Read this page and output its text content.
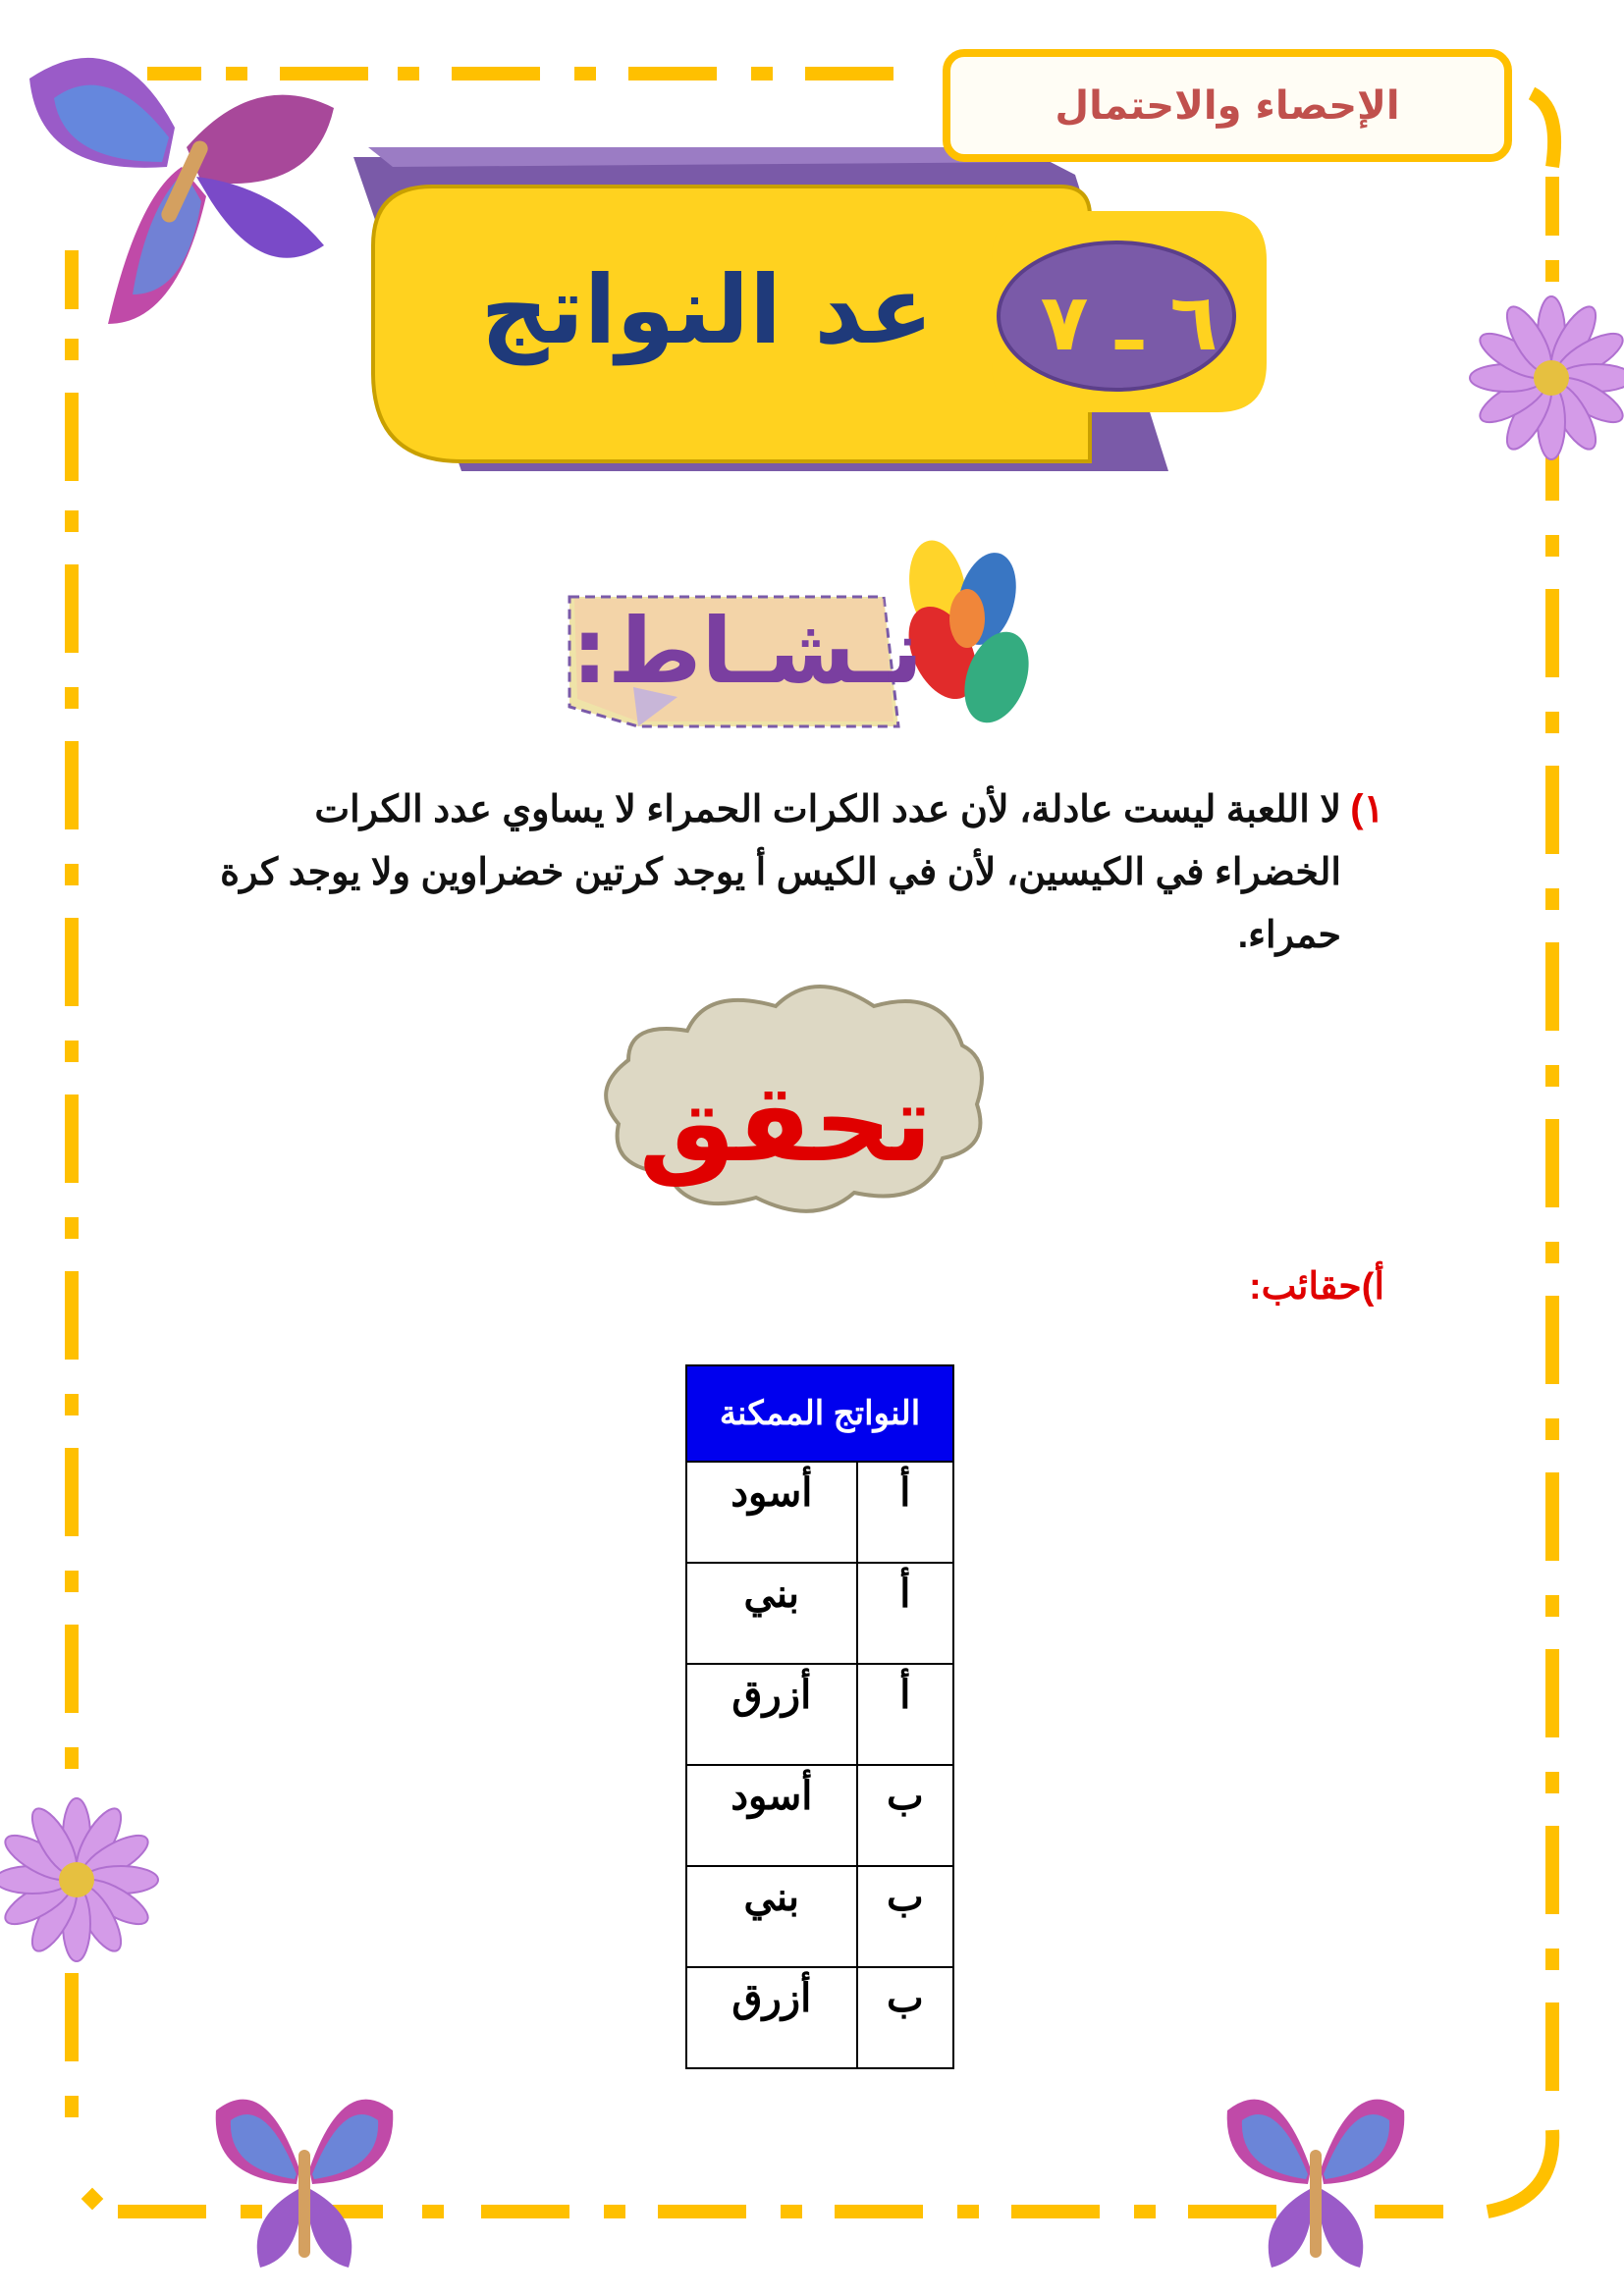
الإحصاء والاحتمال
٦ ـ ٧
عد النواتج
نـشـاط:
١)
لا اللعبة ليست عادلة، لأن عدد الكرات الحمراء لا يساوي عدد الكرات الخضراء في الكيسين، لأن في الكيس أ يوجد كرتين خضراوين ولا يوجد كرة حمراء.
تحقق
أ)حقائب:
النواتج الممكنة	
أ	أسود
أ	بني
أ	أزرق
ب	أسود
ب	بني
ب	أزرق
